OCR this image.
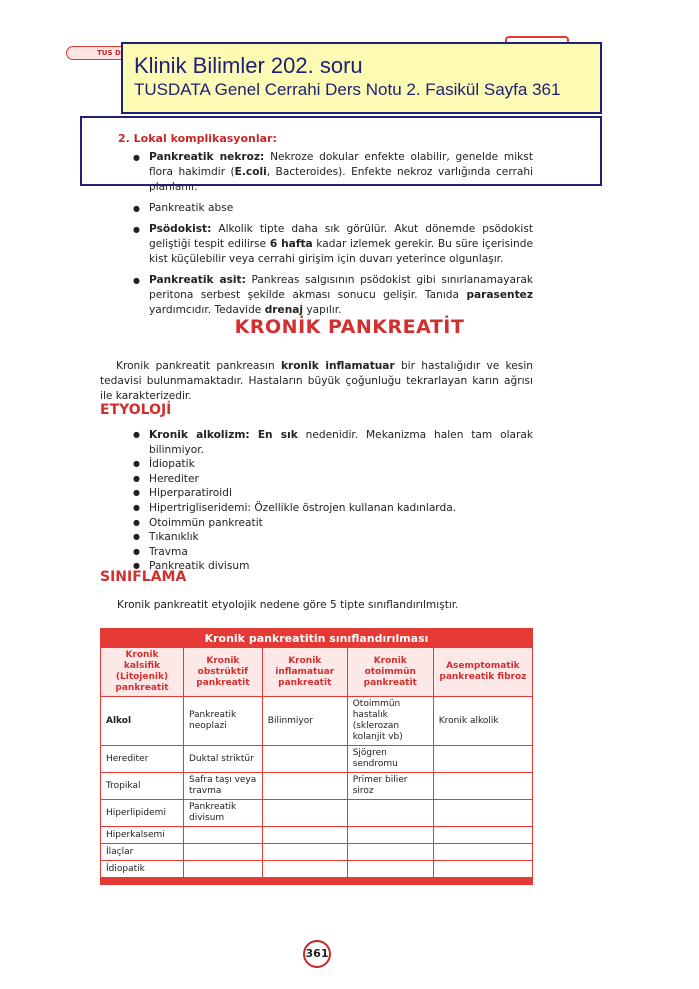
TUS D
2. Lokal komplikasyonlar:
● Pankreatik nekroz: Nekroze dokular enfekte olabilir, genelde mikst flora hakimdir (E.coli, Bacteroides). Enfekte nekroz varlığında cerrahi planlanır.
● Pankreatik abse
● Psödokist: Alkolik tipte daha sık görülür. Akut dönemde psödokist geliştiği tespit edilirse 6 hafta kadar izlemek gerekir. Bu süre içerisinde kist küçülebilir veya cerrahi girişim için duvarı yeterince olgunlaşır.
● Pankreatik asit: Pankreas salgısının psödokist gibi sınırlanamayarak peritona serbest şekilde akması sonucu gelişir. Tanıda parasentez yardımcıdır. Tedavide drenaj yapılır.
Klinik Bilimler 202. soru
TUSDATA Genel Cerrahi Ders Notu 2. Fasikül Sayfa 361
KRONİK PANKREATİT
Kronik pankreatit pankreasın kronik inflamatuar bir hastalığıdır ve kesin tedavisi bulunmamaktadır. Hastaların büyük çoğunluğu tekrarlayan karın ağrısı ile karakterizedir.
ETYOLOJİ
● Kronik alkolizm: En sık nedenidir. Mekanizma halen tam olarak bilinmiyor.
● İdiopatik
● Herediter
● Hiperparatiroidi
● Hipertrigliseridemi: Özellikle östrojen kullanan kadınlarda.
● Otoimmün pankreatit
● Tıkanıklık
● Travma
● Pankreatik divisum
SINIFLAMA
Kronik pankreatit etyolojik nedene göre 5 tipte sınıflandırılmıştır.
Kronik pankreatitin sınıflandırılması				
Kronik kalsifik (Litojenik) pankreatit	Kronik obstrüktif pankreatit	Kronik inflamatuar pankreatit	Kronik otoimmün pankreatit	Asemptomatik pankreatik fibroz
Alkol	Pankreatik neoplazi	Bilinmiyor	Otoimmün hastalık (sklerozan kolanjit vb)	Kronik alkolik
Herediter	Duktal striktür		Sjögren sendromu	
Tropikal	Safra taşı veya travma		Primer bilier siroz	
Hiperlipidemi	Pankreatik divisum			
Hiperkalsemi				
İlaçlar				
İdiopatik				

361
